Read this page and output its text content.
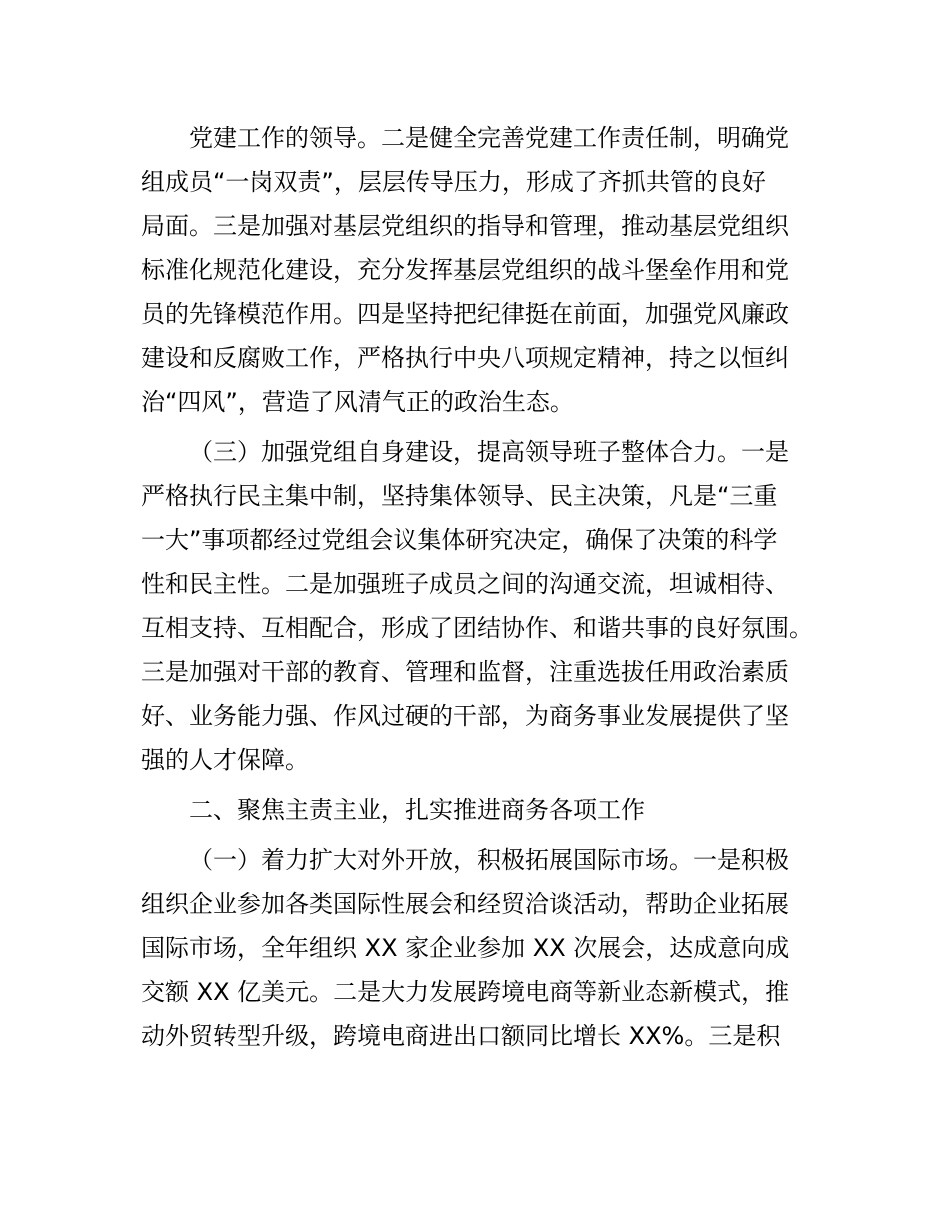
党建工作的领导。二是健全完善党建工作责任制，明确党
组成员“一岗双责”，层层传导压力，形成了齐抓共管的良好
局面。三是加强对基层党组织的指导和管理，推动基层党组织
标准化规范化建设，充分发挥基层党组织的战斗堡垒作用和党
员的先锋模范作用。四是坚持把纪律挺在前面，加强党风廉政
建设和反腐败工作，严格执行中央八项规定精神，持之以恒纠
治“四风”，营造了风清气正的政治生态。
（三）加强党组自身建设，提高领导班子整体合力。一是
严格执行民主集中制，坚持集体领导、民主决策，凡是“三重
一大”事项都经过党组会议集体研究决定，确保了决策的科学
性和民主性。二是加强班子成员之间的沟通交流，坦诚相待、
互相支持、互相配合，形成了团结协作、和谐共事的良好氛围。
三是加强对干部的教育、管理和监督，注重选拔任用政治素质
好、业务能力强、作风过硬的干部，为商务事业发展提供了坚
强的人才保障。
二、聚焦主责主业，扎实推进商务各项工作
（一）着力扩大对外开放，积极拓展国际市场。一是积极
组织企业参加各类国际性展会和经贸洽谈活动，帮助企业拓展
国际市场，全年组织 XX 家企业参加 XX 次展会，达成意向成
交额 XX 亿美元。二是大力发展跨境电商等新业态新模式，推
动外贸转型升级，跨境电商进出口额同比增长 XX%。三是积
